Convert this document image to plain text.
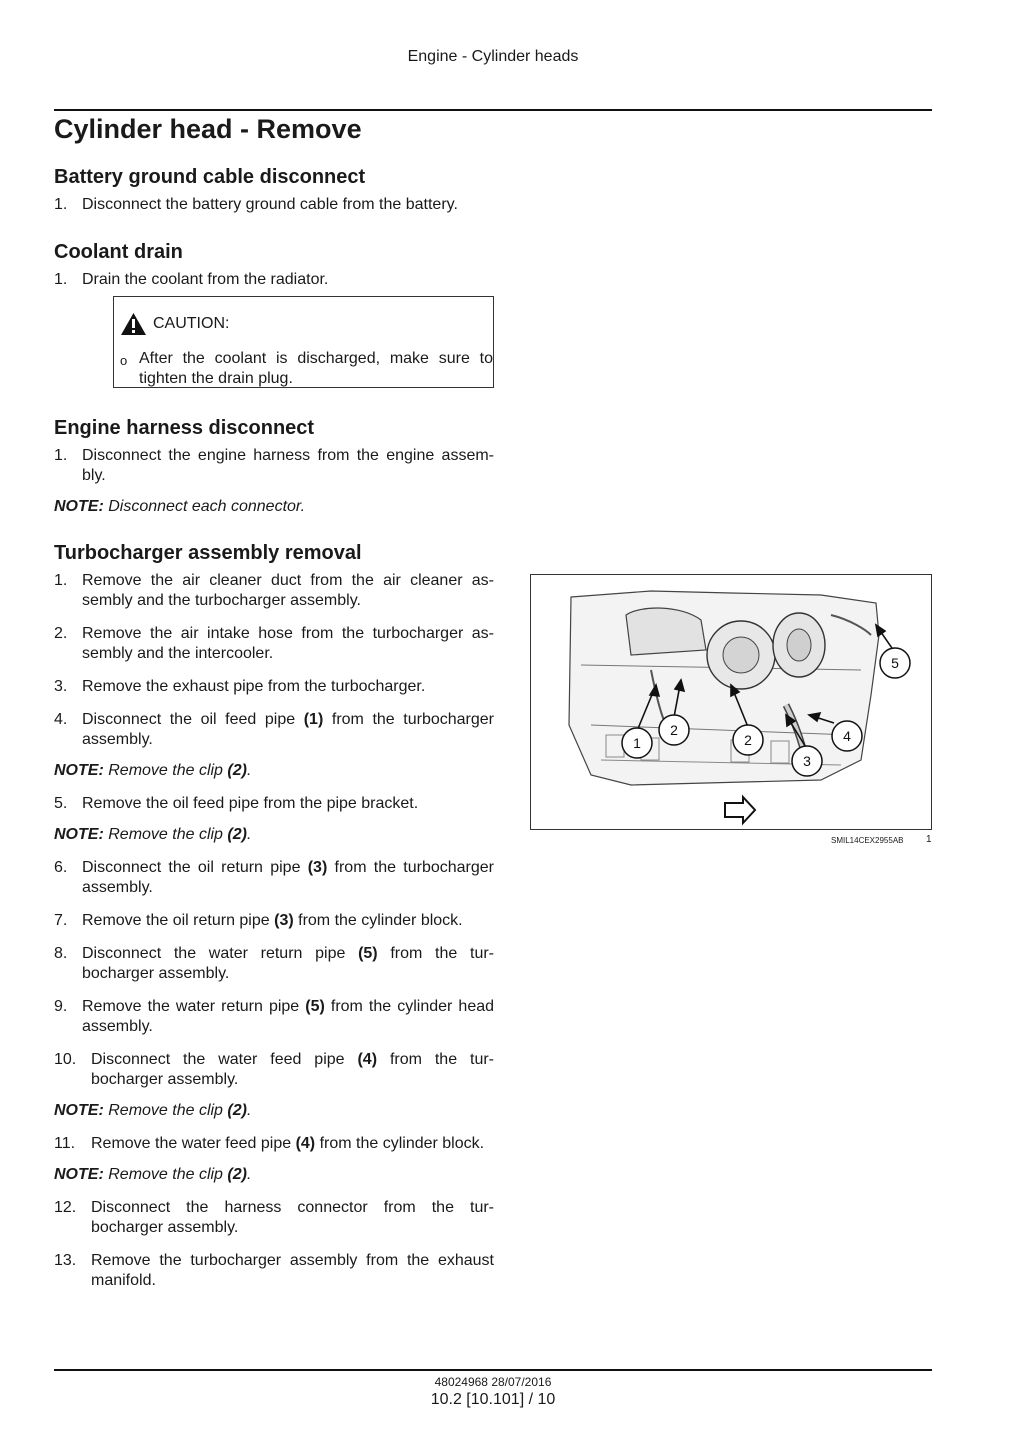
Engine - Cylinder heads
Cylinder head - Remove
Battery ground cable disconnect
1. Disconnect the battery ground cable from the battery.
Coolant drain
1. Drain the coolant from the radiator.
CAUTION:
o After the coolant is discharged, make sure to tighten the drain plug.
Engine harness disconnect
1. Disconnect the engine harness from the engine assem-bly.

NOTE: Disconnect each connector.

Turbocharger assembly removal
1. Remove the air cleaner duct from the air cleaner as-sembly and the turbocharger assembly.
2. Remove the air intake hose from the turbocharger as-sembly and the intercooler.
3. Remove the exhaust pipe from the turbocharger.
4. Disconnect the oil feed pipe (1) from the turbocharger assembly.

NOTE: Remove the clip (2).

5. Remove the oil feed pipe from the pipe bracket.

NOTE: Remove the clip (2).

6. Disconnect the oil return pipe (3) from the turbocharger assembly.
7. Remove the oil return pipe (3) from the cylinder block.
8. Disconnect the water return pipe (5) from the tur-bocharger assembly.
9. Remove the water return pipe (5) from the cylinder head assembly.
10. Disconnect the water feed pipe (4) from the tur-bocharger assembly.

NOTE: Remove the clip (2).

11. Remove the water feed pipe (4) from the cylinder block.

NOTE: Remove the clip (2).

12. Disconnect the harness connector from the tur-bocharger assembly.
13. Remove the turbocharger assembly from the exhaust manifold.
1
2
2
3
4
5
SMIL14CEX2955AB 1
48024968 28/07/2016
10.2 [10.101] / 10
